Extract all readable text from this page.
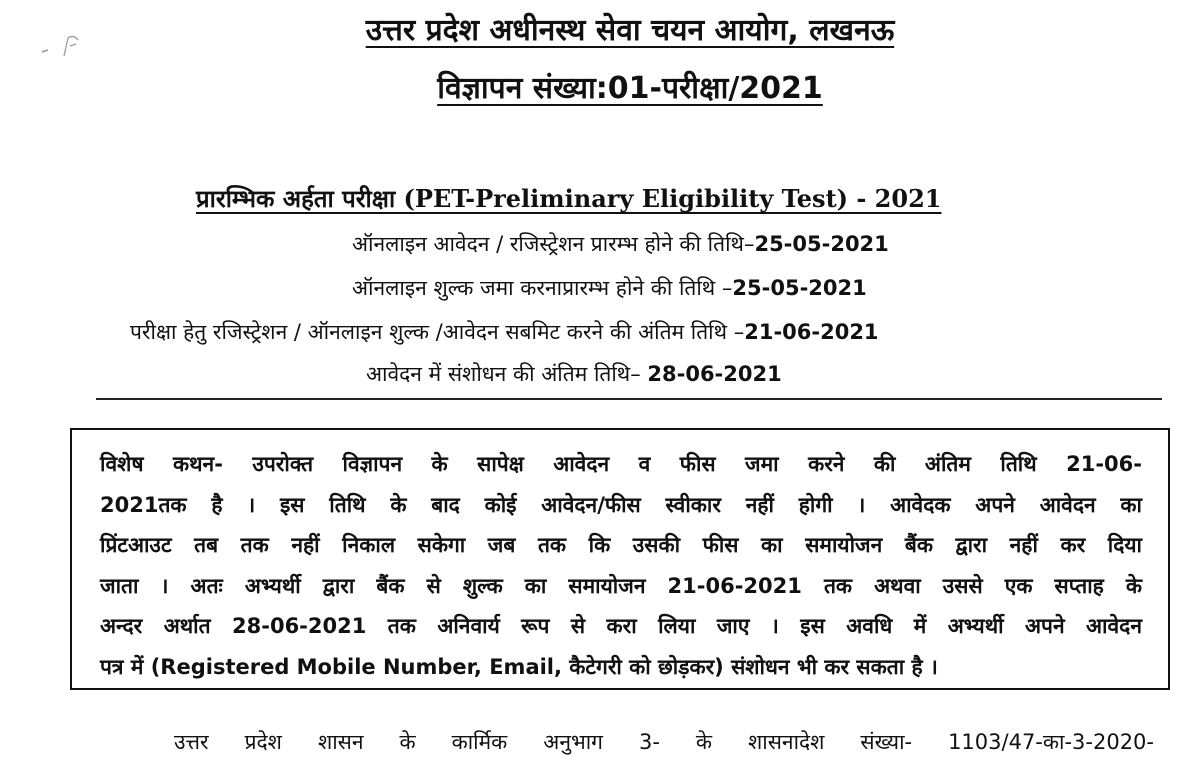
उत्तर प्रदेश अधीनस्थ सेवा चयन आयोग, लखनऊ
विज्ञापन संख्या:01-परीक्षा/2021
प्रारम्भिक अर्हता परीक्षा (PET-Preliminary Eligibility Test) - 2021
ऑनलाइन आवेदन / रजिस्ट्रेशन प्रारम्भ होने की तिथि–25-05-2021
ऑनलाइन शुल्क जमा करनाप्रारम्भ होने की तिथि –25-05-2021
परीक्षा हेतु रजिस्ट्रेशन / ऑनलाइन शुल्क /आवेदन सबमिट करने की अंतिम तिथि –21-06-2021
आवेदन में संशोधन की अंतिम तिथि– 28-06-2021
विशेष कथन- उपरोक्त विज्ञापन के सापेक्ष आवेदन व फीस जमा करने की अंतिम तिथि 21-06-
2021तक है । इस तिथि के बाद कोई आवेदन/फीस स्वीकार नहीं होगी । आवेदक अपने आवेदन का
प्रिंटआउट तब तक नहीं निकाल सकेगा जब तक कि उसकी फीस का समायोजन बैंक द्वारा नहीं कर दिया
जाता । अतः अभ्यर्थी द्वारा बैंक से शुल्क का समायोजन 21-06-2021 तक अथवा उससे एक सप्ताह के
अन्दर अर्थात 28-06-2021 तक अनिवार्य रूप से करा लिया जाए । इस अवधि में अभ्यर्थी अपने आवेदन
पत्र में (Registered Mobile Number, Email, कैटेगरी को छोड़कर) संशोधन भी कर सकता है ।
उत्तर प्रदेश शासन के कार्मिक अनुभाग 3- के शासनादेश संख्या- 1103/47-का-3-2020-
